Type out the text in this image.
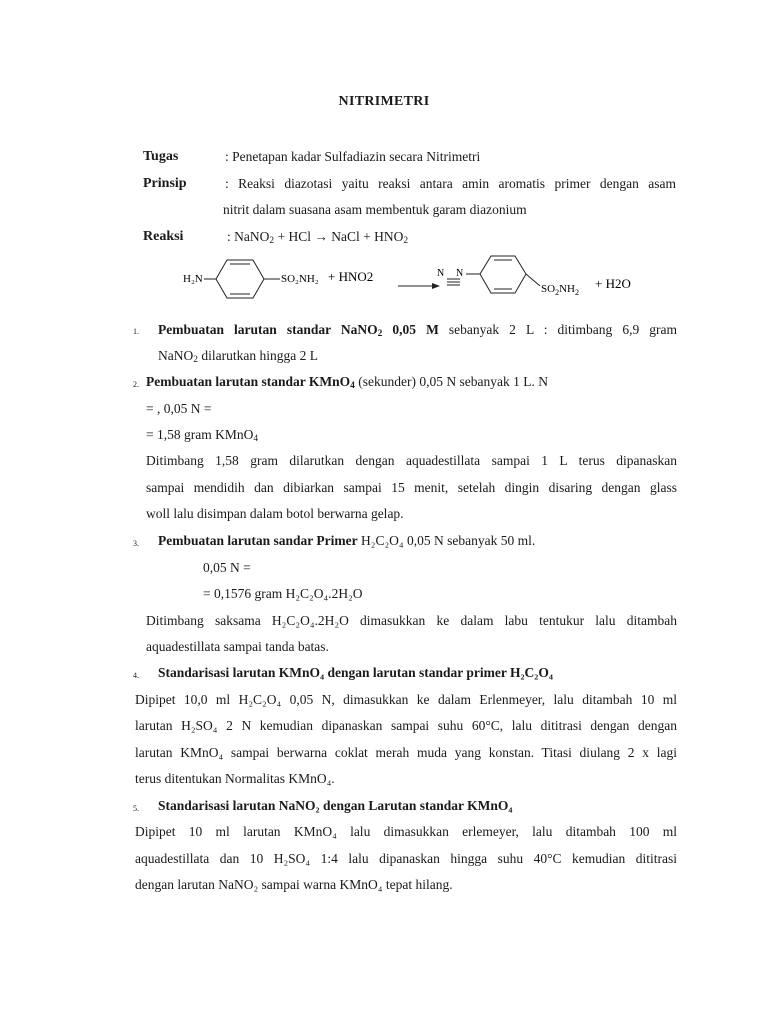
NITRIMETRI
Tugas	: Penetapan kadar Sulfadiazin secara Nitrimetri
Prinsip	: Reaksi diazotasi yaitu reaksi antara amin aromatis primer dengan asam
nitrit dalam suasana asam membentuk garam diazonium
Reaksi	: NaNO$_2$ + HCl → NaCl + $HNO_2$
H₂N	SO₂NH₂ + HNO2	N N
$SO_2NH_2$
+ H2O
1. Pembuatan larutan standar NaNO$_2$ 0,05 M sebanyak 2 L : ditimbang 6,9 gram
NaNO$_2$ dilarutkan hingga 2 L
2. Pembuatan larutan standar KMnO$_4$ (sekunder) 0,05 N sebanyak 1 L. N
= , 0,05 N =
= 1,58 gram KMnO$_4$
Ditimbang 1,58 gram dilarutkan dengan aquadestillata sampai 1 L terus dipanaskan
sampai mendidih dan dibiarkan sampai 15 menit, setelah dingin disaring dengan glass
woll lalu disimpan dalam botol berwarna gelap.
3. Pembuatan larutan sandar Primer H₂C₂O₄ 0,05 N sebanyak 50 ml.
0,05 N =
= 0,1576 gram H₂C₂O₄.2H₂O
Ditimbang saksama H₂C₂O₄.2H₂O dimasukkan ke dalam labu tentukur lalu ditambah
aquadestillata sampai tanda batas.
4. Standarisasi larutan KMnO₄ dengan larutan standar primer H₂C₂O₄
Dipipet 10,0 ml H₂C₂O₄ 0,05 N, dimasukkan ke dalam Erlenmeyer, lalu ditambah 10 ml
larutan H₂SO₄ 2 N kemudian dipanaskan sampai suhu 60°C, lalu dititrasi dengan dengan
larutan KMnO₄ sampai berwarna coklat merah muda yang konstan. Titasi diulang 2 x lagi
terus ditentukan Normalitas KMnO₄.
5. Standarisasi larutan NaNO₂ dengan Larutan standar KMnO₄
Dipipet 10 ml larutan KMnO₄ lalu dimasukkan erlemeyer, lalu ditambah 100 ml
aquadestillata dan 10 H₂SO₄ 1:4 lalu dipanaskan hingga suhu 40°C kemudian dititrasi
dengan larutan NaNO₂ sampai warna KMnO₄ tepat hilang.
